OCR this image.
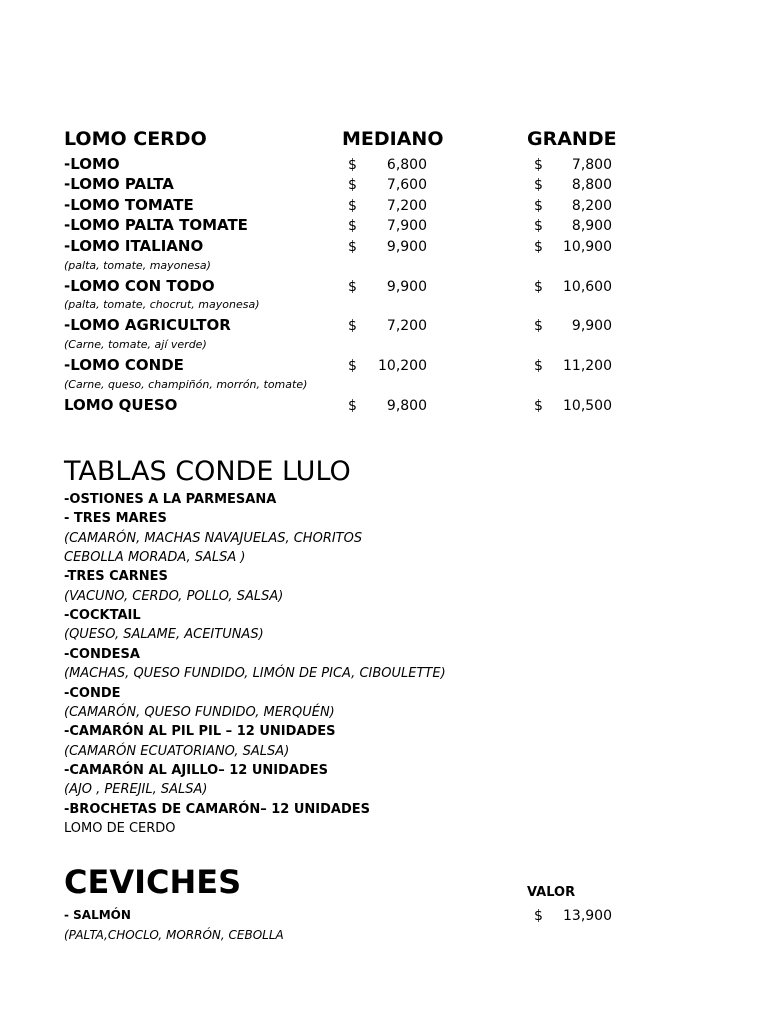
LOMO CERDO	MEDIANO	GRANDE
-LOMO	$	6,800	$	7,800
-LOMO PALTA	$	7,600	$	8,800
-LOMO TOMATE	$	7,200	$	8,200
-LOMO PALTA TOMATE	$	7,900	$	8,900
-LOMO ITALIANO	$	9,900	$	10,900
(palta, tomate, mayonesa)
-LOMO CON TODO	$	9,900	$	10,600
(palta, tomate, chocrut, mayonesa)
-LOMO AGRICULTOR	$	7,200	$	9,900
(Carne, tomate, ají verde)
-LOMO CONDE	$	10,200	$	11,200
(Carne, queso, champiñón, morrón, tomate)
LOMO QUESO	$	9,800	$	10,500
TABLAS CONDE LULO
-OSTIONES A LA PARMESANA
- TRES MARES
(CAMARÓN, MACHAS NAVAJUELAS, CHORITOS
CEBOLLA MORADA, SALSA )
-TRES CARNES
(VACUNO, CERDO, POLLO, SALSA)
-COCKTAIL
(QUESO, SALAME, ACEITUNAS)
-CONDESA
(MACHAS, QUESO FUNDIDO, LIMÓN DE PICA, CIBOULETTE)
-CONDE
(CAMARÓN, QUESO FUNDIDO, MERQUÉN)
-CAMARÓN AL PIL PIL – 12 UNIDADES
(CAMARÓN ECUATORIANO, SALSA)
-CAMARÓN AL AJILLO– 12 UNIDADES
(AJO , PEREJIL, SALSA)
-BROCHETAS DE CAMARÓN– 12 UNIDADES
LOMO DE CERDO
CEVICHES	VALOR
- SALMÓN	$	13,900
(PALTA,CHOCLO, MORRÓN, CEBOLLA
